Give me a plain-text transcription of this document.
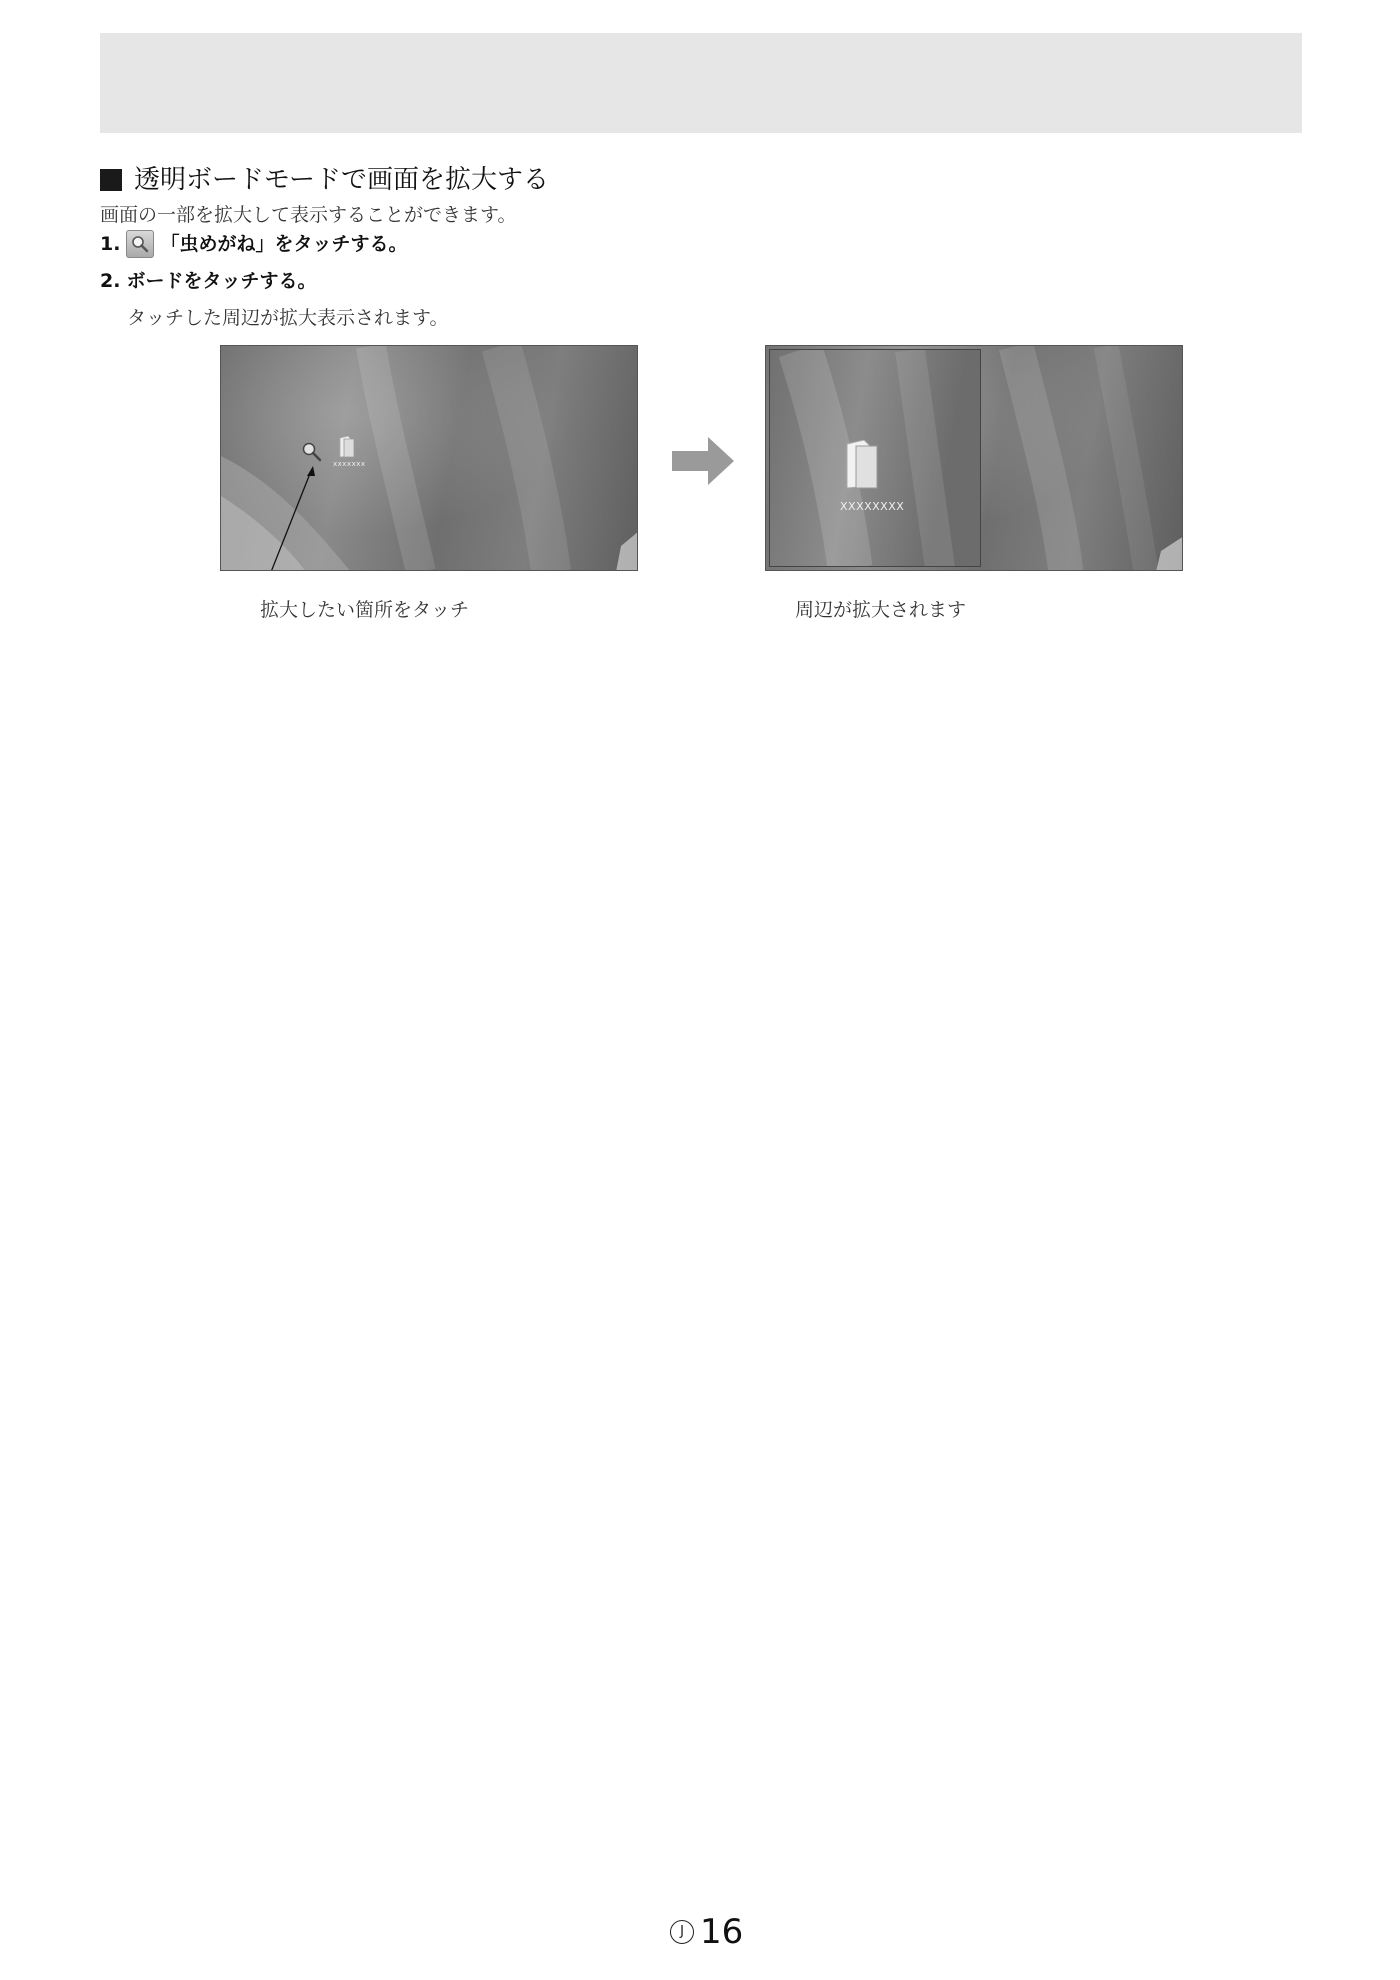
透明ボードモードで画面を拡大する
画面の一部を拡大して表示することができます。
1. 「虫めがね」をタッチする。
2. ボードをタッチする。
タッチした周辺が拡大表示されます。
xxxxxxx
XXXXXXXX
拡大したい箇所をタッチ	周辺が拡大されます
J 16
